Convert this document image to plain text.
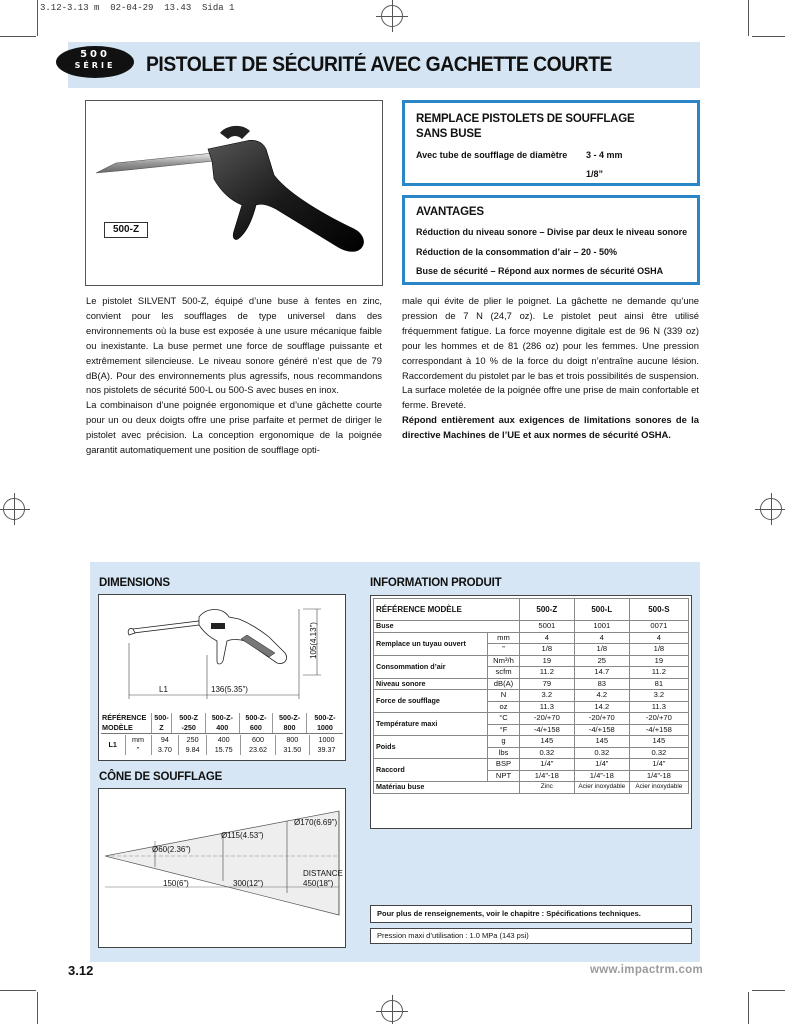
3.12-3.13 m  02-04-29  13.43  Sida 1
500
SÉRIE	PISTOLET DE SÉCURITÉ AVEC GACHETTE COURTE
500-Z
REMPLACE PISTOLETS DE SOUFFLAGE
SANS BUSE
Avec tube de soufflage de diamètre 3 - 4 mm
1/8”
AVANTAGES
Réduction du niveau sonore – Divise par deux le niveau sonore
Réduction de la consommation d’air – 20 - 50%
Buse de sécurité – Répond aux normes de sécurité OSHA

Le pistolet SILVENT 500-Z, équipé d’une buse à fentes en zinc, convient pour les soufflages de type universel dans des environnements où la buse est exposée à une usure mécanique faible ou inexistante. La buse permet une force de soufflage puissante et extrêmement silencieuse. Le niveau sonore généré n’est que de 79 dB(A). Pour des environnements plus agressifs, nous recommandons nos pistolets de sécurité 500-L ou 500-S avec buses en inox.

La combinaison d’une poignée ergonomique et d’une gâchette courte pour un ou deux doigts offre une prise parfaite et permet de diriger le pistolet avec précision. La conception ergonomique de la poignée garantit automatiquement une position de soufflage opti-

male qui évite de plier le poignet. La gâchette ne demande qu’une pression de 7 N (24,7 oz). Le pistolet peut ainsi être utilisé fréquemment fatigue. La force moyenne digitale est de 96 N (339 oz) pour les hommes et de 81 (286 oz) pour les femmes. Une pression correspondant à 10 % de la force du doigt n’entraîne aucune lésion. Raccordement du pistolet par le bas et trois possibilités de suspension. La surface moletée de la poignée offre une prise de main confortable et ferme. Breveté.

Répond entièrement aux exigences de limitations sonores de la directive Machines de l’UE et aux normes de sécurité OSHA.

DIMENSIONS
L1	136(5.35”)
105(4.13”)
RÉFÉRENCE MODÈLE	500-Z	500-Z -250	500-Z- 400	500-Z- 600	500-Z- 800	500-Z- 1000
L1	mm	94	250	400	600	800	1000
	”	3.70	9.84	15.75	23.62	31.50	39.37
CÔNE DE SOUFFLAGE
Ø170(6.69”)
Ø115(4.53”)
Ø60(2.36”)
150(6”)	300(12”)
DISTANCE
450(18”)
INFORMATION PRODUIT
RÉFÉRENCE MODÈLE		500-Z	500-L	500-S
Buse		5001	1001	0071
Remplace un tuyau ouvert	mm	4	4	4
	”	1/8	1/8	1/8
Consommation d’air	Nm³/h	19	25	19
	scfm	11.2	14.7	11.2
Niveau sonore	dB(A)	79	83	81
Force de soufflage	N	3.2	4.2	3.2
	oz	11.3	14.2	11.3
Température maxi	°C	-20/+70	-20/+70	-20/+70
	°F	-4/+158	-4/+158	-4/+158
Poids	g	145	145	145
	lbs	0.32	0.32	0.32
Raccord	BSP	1/4”	1/4”	1/4”
	NPT	1/4”-18	1/4”-18	1/4”-18
Matériau buse		Zinc	Acier inoxydable	Acier inoxydable
Pour plus de renseignements, voir le chapitre : Spécifications techniques.
Pression maxi d’utilisation : 1.0 MPa (143 psi)
3.12	www.impactrm.com
